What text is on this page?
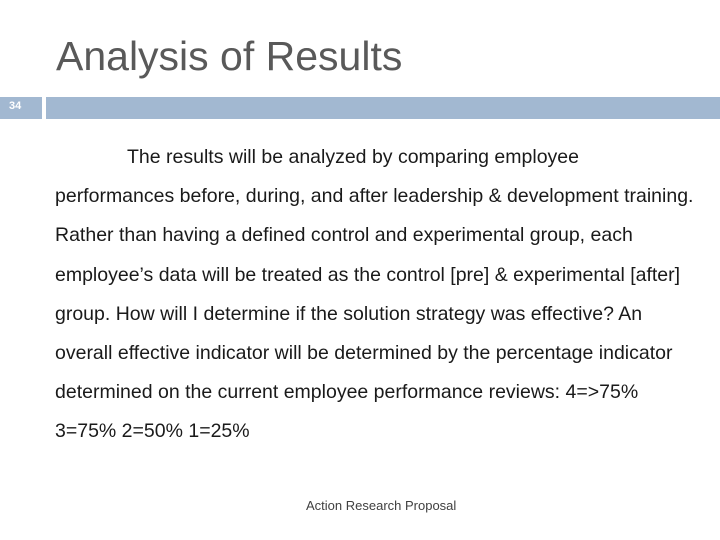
Analysis of Results
34
The results will be analyzed by comparing employee performances before, during, and after leadership & development training. Rather than having a defined control and experimental group, each employee’s data will be treated as the control [pre] & experimental [after] group. How will I determine if the solution strategy was effective? An overall effective indicator will be determined by the percentage indicator determined on the current employee performance reviews: 4=>75% 3=75% 2=50% 1=25%
Action Research Proposal
